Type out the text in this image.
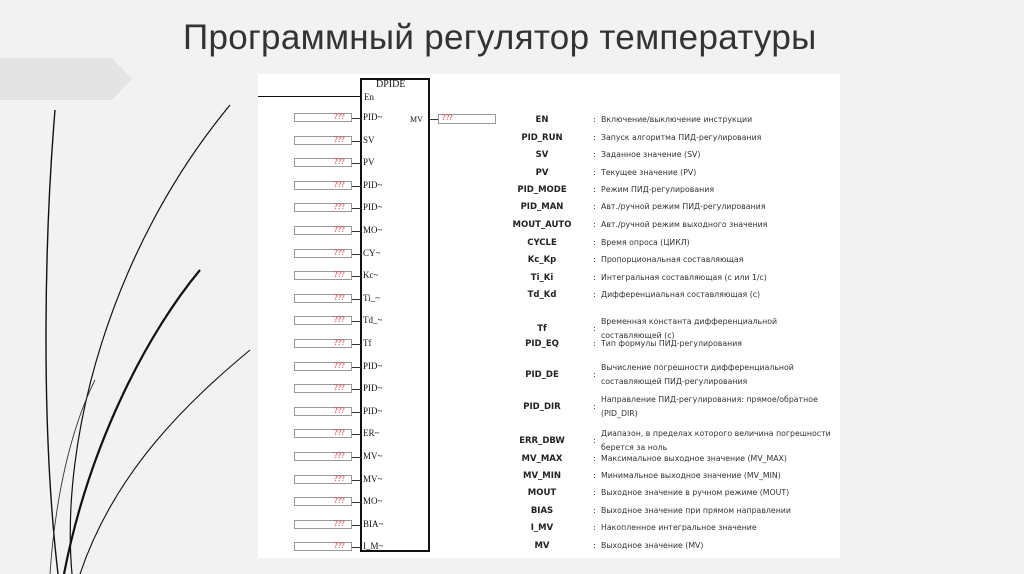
Программный регулятор температуры
DPIDE
En
??? PID~
??? SV
??? PV
??? PID~
??? PID~
??? MO~
??? CY~
??? Kc~
??? Ti_~
??? Td_~
??? Tf
??? PID~
??? PID~
??? PID~
??? ER~
??? MV~
??? MV~
??? MO~
??? BIA~
??? I_M~
MV ???	EN	: Включение/выключение инструкции
PID_RUN	: Запуск алгоритма ПИД-регулирования
SV	: Заданное значение (SV)
PV	: Текущее значение (PV)
PID_MODE	: Режим ПИД-регулирования
PID_MAN	: Авт./ручной режим ПИД-регулирования
MOUT_AUTO	: Авт./ручной режим выходного значения
CYCLE	: Время опроса (ЦИКЛ)
Kc_Kp	: Пропорциональная составляющая
Ti_Ki	: Интегральная составляющая (с или 1/с)
Td_Kd	: Дифференциальная составляющая (с)
Tf	:
Временная константа дифференциальной составляющей (с)
PID_EQ	: Тип формулы ПИД-регулирования
PID_DE	:
Вычисление погрешности дифференциальной составляющей ПИД-регулирования
PID_DIR	:
Направление ПИД-регулирования: прямое/обратное (PID_DIR)
ERR_DBW	:
Диапазон, в пределах которого величина погрешности берется за ноль
MV_MAX	: Максимальное выходное значение (MV_MAX)
MV_MIN	: Минимальное выходное значение (MV_MIN)
MOUT	: Выходное значение в ручном режиме (MOUT)
BIAS	: Выходное значение при прямом направлении
I_MV	: Накопленное интегральное значение
MV	: Выходное значение (MV)
